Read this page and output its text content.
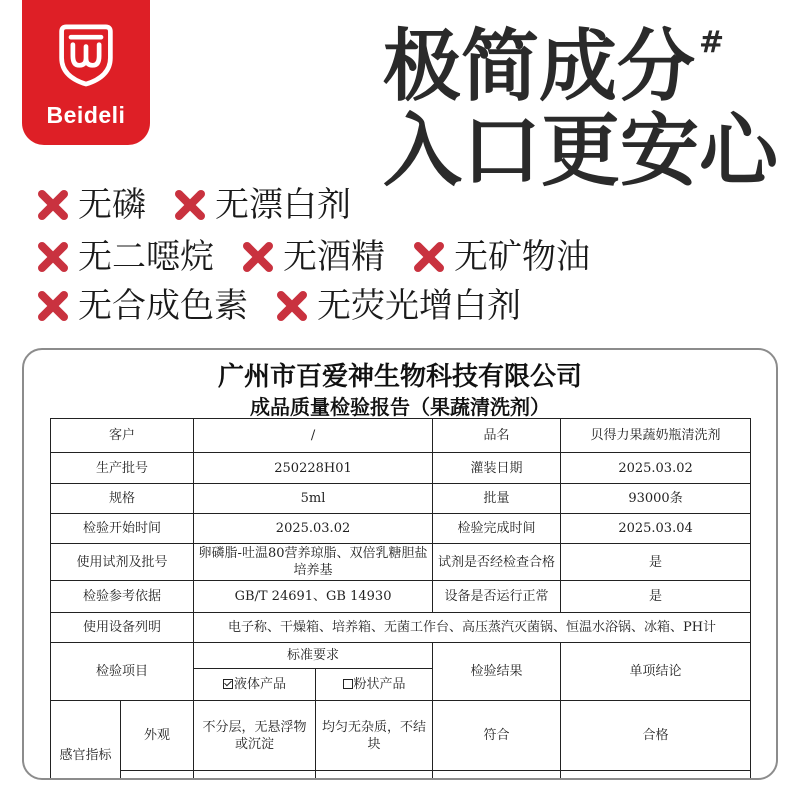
Beideli
极简成分 #
入口更安心
无磷 无漂白剂
无二噁烷 无酒精 无矿物油
无合成色素 无荧光增白剂
广州市百爱神生物科技有限公司
成品质量检验报告（果蔬清洗剂）
客户		/		品名	贝得力果蔬奶瓶清洗剂
生产批号		250228H01		灌装日期	2025.03.02
规格		5ml		批量	93000条
检验开始时间		2025.03.02		检验完成时间	2025.03.04
使用试剂及批号		卵磷脂-吐温80营养琼脂、双倍乳糖胆盐培养基		试剂是否经检查合格	是
检验参考依据		GB/T 24691、GB 14930		设备是否运行正常	是
使用设备列明		电子称、干燥箱、培养箱、无菌工作台、高压蒸汽灭菌锅、恒温水浴锅、冰箱、PH计			
检验项目		标准要求		检验结果	单项结论
		液体产品	粉状产品		
感官指标	外观	不分层，无悬浮物或沉淀	均匀无杂质，不结块	符合	合格
